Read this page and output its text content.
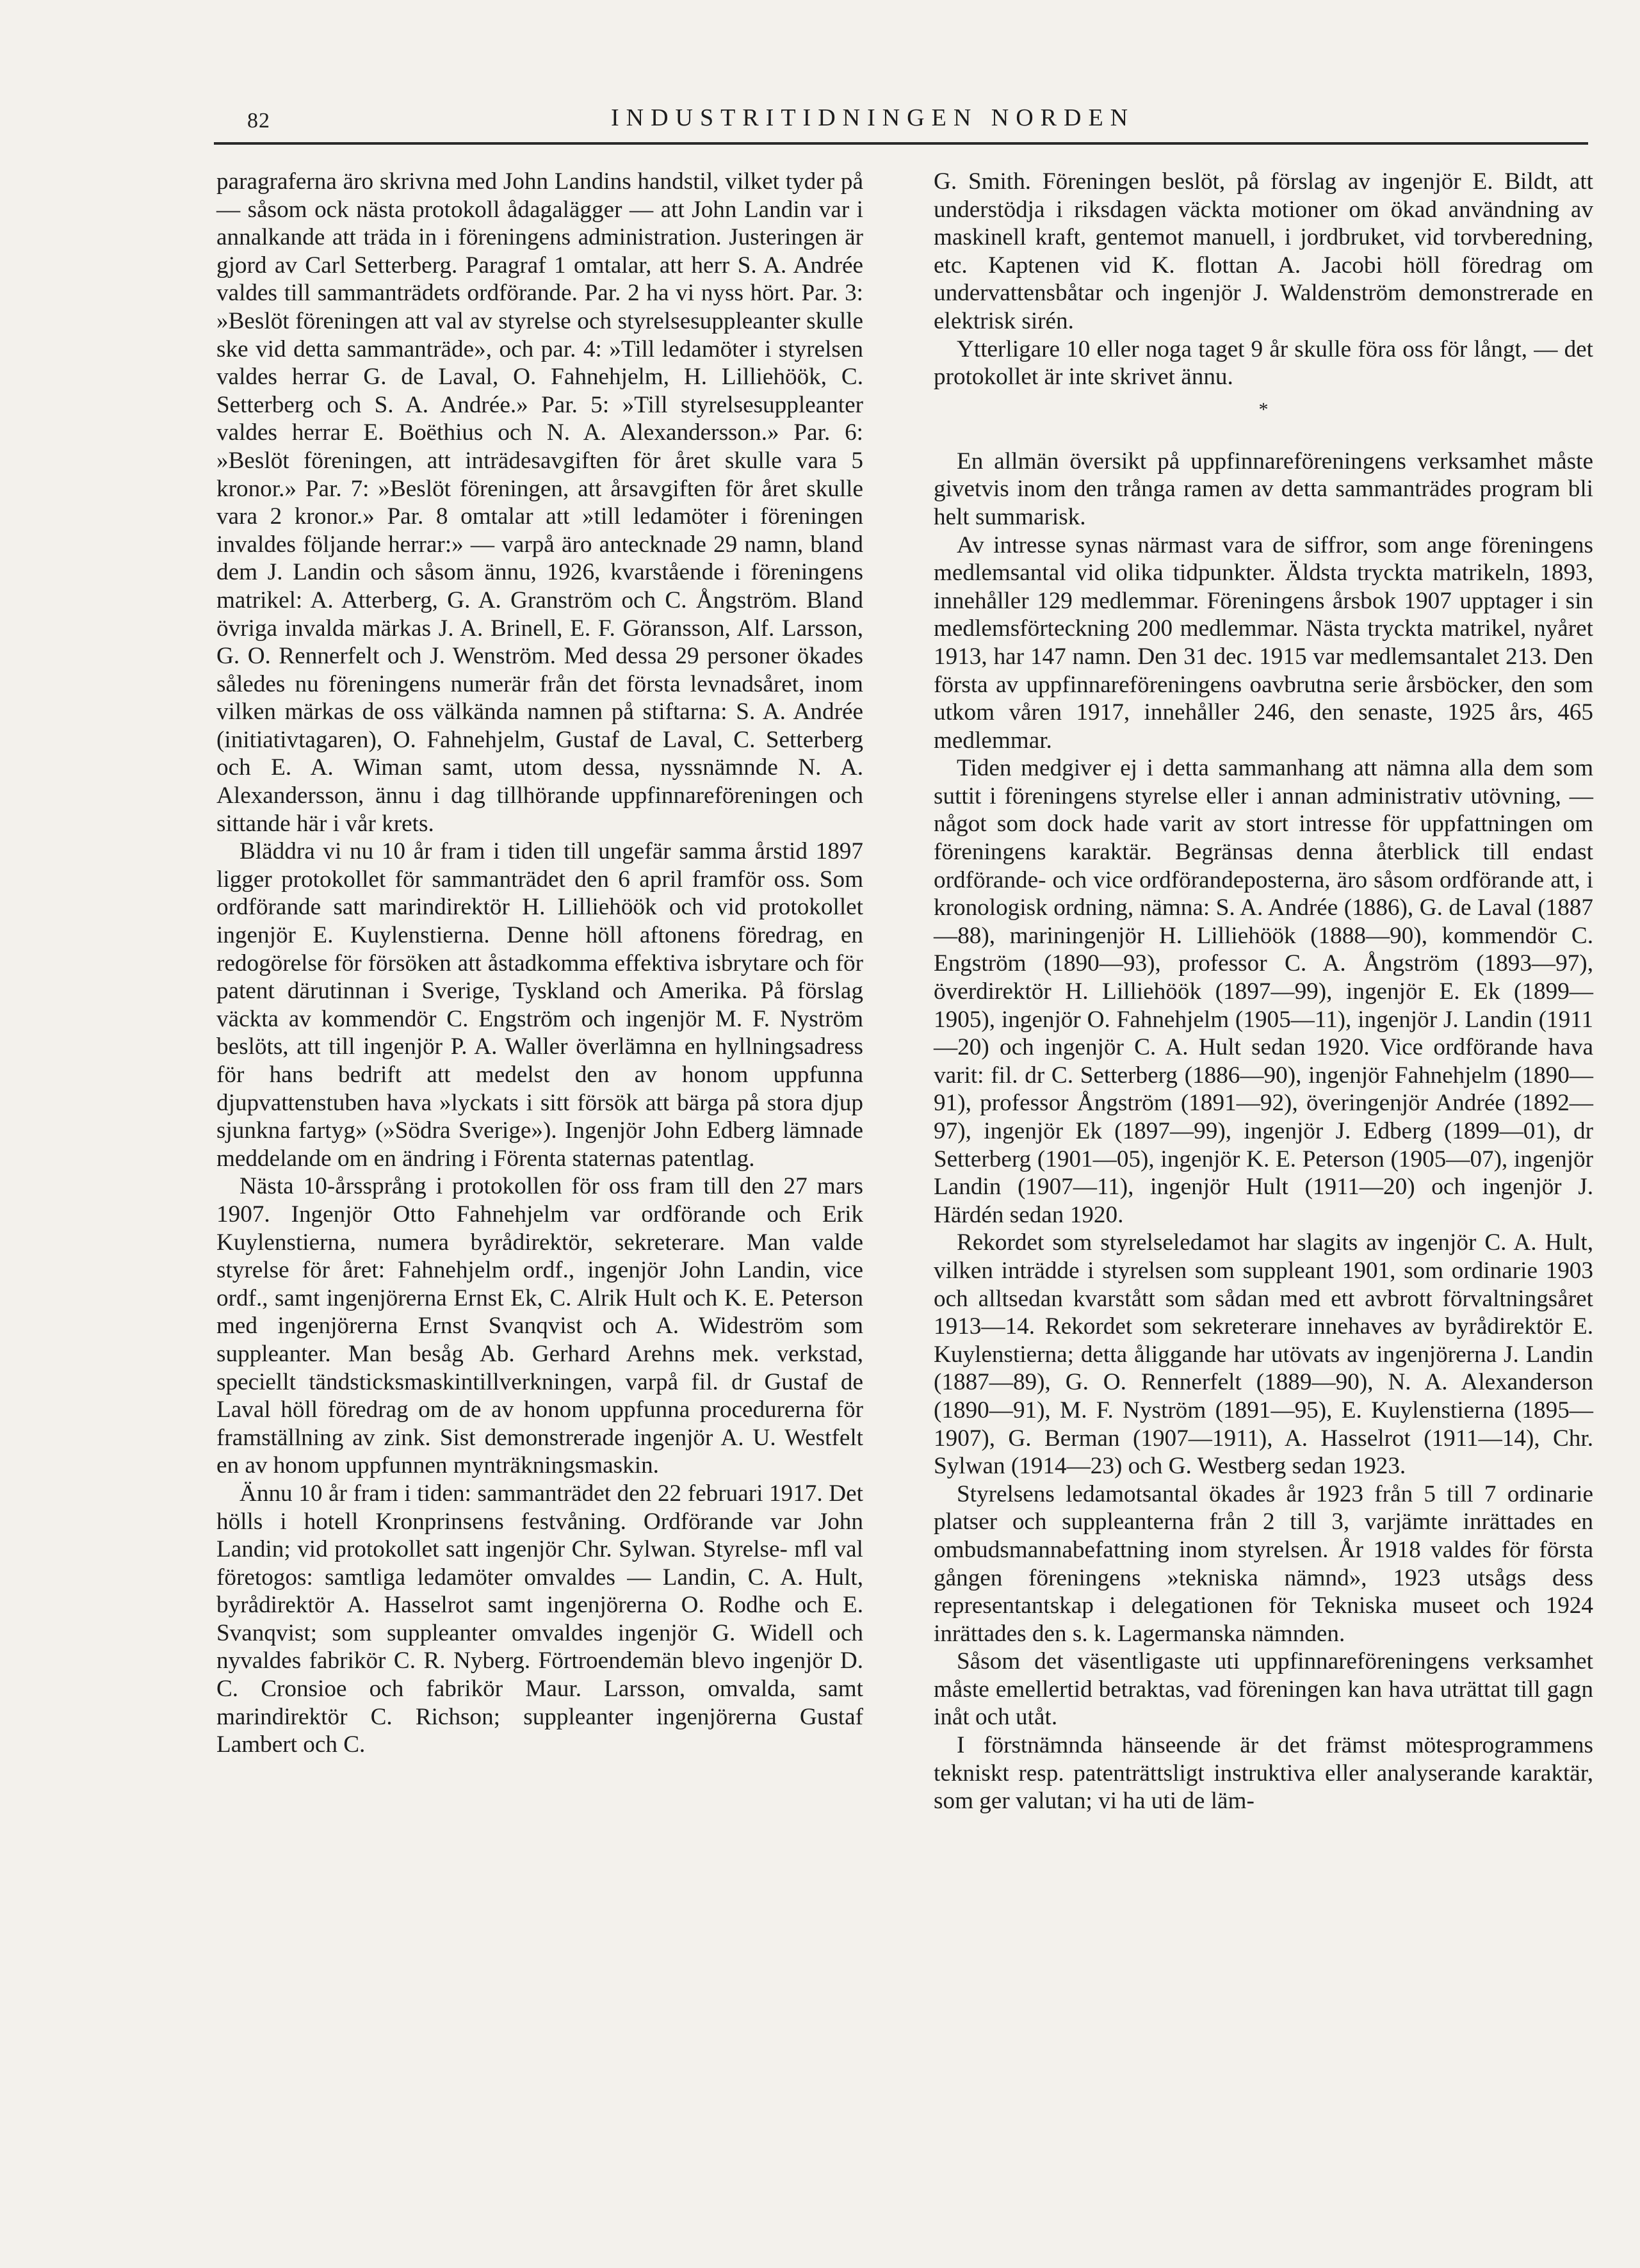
82	INDUSTRITIDNINGEN NORDEN

paragraferna äro skrivna med John Landins handstil, vilket tyder på — såsom ock nästa protokoll ådagalägger — att John Landin var i annalkande att träda in i föreningens administration. Justeringen är gjord av Carl Setterberg. Paragraf 1 omtalar, att herr S. A. Andrée valdes till sammanträdets ordförande. Par. 2 ha vi nyss hört. Par. 3: »Beslöt föreningen att val av styrelse och styrelsesuppleanter skulle ske vid detta sammanträde», och par. 4: »Till ledamöter i styrelsen valdes herrar G. de Laval, O. Fahnehjelm, H. Lilliehöök, C. Setterberg och S. A. Andrée.» Par. 5: »Till styrelsesuppleanter valdes herrar E. Boëthius och N. A. Alexandersson.» Par. 6: »Beslöt föreningen, att inträdesavgiften för året skulle vara 5 kronor.» Par. 7: »Beslöt föreningen, att årsavgiften för året skulle vara 2 kronor.» Par. 8 omtalar att »till ledamöter i föreningen invaldes följande herrar:» — varpå äro antecknade 29 namn, bland dem J. Landin och såsom ännu, 1926, kvarstående i föreningens matrikel: A. Atterberg, G. A. Granström och C. Ångström. Bland övriga invalda märkas J. A. Brinell, E. F. Göransson, Alf. Larsson, G. O. Rennerfelt och J. Wenström. Med dessa 29 personer ökades således nu föreningens numerär från det första levnadsåret, inom vilken märkas de oss välkända namnen på stiftarna: S. A. Andrée (initiativtagaren), O. Fahnehjelm, Gustaf de Laval, C. Setterberg och E. A. Wiman samt, utom dessa, nyssnämnde N. A. Alexandersson, ännu i dag tillhörande uppfinnareföreningen och sittande här i vår krets.

Bläddra vi nu 10 år fram i tiden till ungefär samma årstid 1897 ligger protokollet för sammanträdet den 6 april framför oss. Som ordförande satt marindirektör H. Lilliehöök och vid protokollet ingenjör E. Kuylenstierna. Denne höll aftonens föredrag, en redogörelse för försöken att åstadkomma effektiva isbrytare och för patent därutinnan i Sverige, Tyskland och Amerika. På förslag väckta av kommendör C. Engström och ingenjör M. F. Nyström beslöts, att till ingenjör P. A. Waller överlämna en hyllningsadress för hans bedrift att medelst den av honom uppfunna djupvattenstuben hava »lyckats i sitt försök att bärga på stora djup sjunkna fartyg» (»Södra Sverige»). Ingenjör John Edberg lämnade meddelande om en ändring i Förenta staternas patentlag.

Nästa 10-årssprång i protokollen för oss fram till den 27 mars 1907. Ingenjör Otto Fahnehjelm var ordförande och Erik Kuylenstierna, numera byrådirektör, sekreterare. Man valde styrelse för året: Fahnehjelm ordf., ingenjör John Landin, vice ordf., samt ingenjörerna Ernst Ek, C. Alrik Hult och K. E. Peterson med ingenjörerna Ernst Svanqvist och A. Wideström som suppleanter. Man besåg Ab. Gerhard Arehns mek. verkstad, speciellt tändsticksmaskintillverkningen, varpå fil. dr Gustaf de Laval höll föredrag om de av honom uppfunna procedurerna för framställning av zink. Sist demonstrerade ingenjör A. U. Westfelt en av honom uppfunnen mynträkningsmaskin.

Ännu 10 år fram i tiden: sammanträdet den 22 februari 1917. Det hölls i hotell Kronprinsens festvåning. Ordförande var John Landin; vid protokollet satt ingenjör Chr. Sylwan. Styrelse- mfl val företogos: samtliga ledamöter omvaldes — Landin, C. A. Hult, byrådirektör A. Hasselrot samt ingenjörerna O. Rodhe och E. Svanqvist; som suppleanter omvaldes ingenjör G. Widell och nyvaldes fabrikör C. R. Nyberg. Förtroendemän blevo ingenjör D. C. Cronsioe och fabrikör Maur. Larsson, omvalda, samt marindirektör C. Richson; suppleanter ingenjörerna Gustaf Lambert och C.

G. Smith. Föreningen beslöt, på förslag av ingenjör E. Bildt, att understödja i riksdagen väckta motioner om ökad användning av maskinell kraft, gentemot manuell, i jordbruket, vid torvberedning, etc. Kaptenen vid K. flottan A. Jacobi höll föredrag om undervattensbåtar och ingenjör J. Waldenström demonstrerade en elektrisk sirén.

Ytterligare 10 eller noga taget 9 år skulle föra oss för långt, — det protokollet är inte skrivet ännu.

*

En allmän översikt på uppfinnareföreningens verksamhet måste givetvis inom den trånga ramen av detta sammanträdes program bli helt summarisk.

Av intresse synas närmast vara de siffror, som ange föreningens medlemsantal vid olika tidpunkter. Äldsta tryckta matrikeln, 1893, innehåller 129 medlemmar. Föreningens årsbok 1907 upptager i sin medlemsförteckning 200 medlemmar. Nästa tryckta matrikel, nyåret 1913, har 147 namn. Den 31 dec. 1915 var medlemsantalet 213. Den första av uppfinnareföreningens oavbrutna serie årsböcker, den som utkom våren 1917, innehåller 246, den senaste, 1925 års, 465 medlemmar.

Tiden medgiver ej i detta sammanhang att nämna alla dem som suttit i föreningens styrelse eller i annan administrativ utövning, — något som dock hade varit av stort intresse för uppfattningen om föreningens karaktär. Begränsas denna återblick till endast ordförande- och vice ordförandeposterna, äro såsom ordförande att, i kronologisk ordning, nämna: S. A. Andrée (1886), G. de Laval (1887—88), mariningenjör H. Lilliehöök (1888—90), kommendör C. Engström (1890—93), professor C. A. Ångström (1893—97), överdirektör H. Lilliehöök (1897—99), ingenjör E. Ek (1899—1905), ingenjör O. Fahnehjelm (1905—11), ingenjör J. Landin (1911—20) och ingenjör C. A. Hult sedan 1920. Vice ordförande hava varit: fil. dr C. Setterberg (1886—90), ingenjör Fahnehjelm (1890—91), professor Ångström (1891—92), överingenjör Andrée (1892—97), ingenjör Ek (1897—99), ingenjör J. Edberg (1899—01), dr Setterberg (1901—05), ingenjör K. E. Peterson (1905—07), ingenjör Landin (1907—11), ingenjör Hult (1911—20) och ingenjör J. Härdén sedan 1920.

Rekordet som styrelseledamot har slagits av ingenjör C. A. Hult, vilken inträdde i styrelsen som suppleant 1901, som ordinarie 1903 och alltsedan kvarstått som sådan med ett avbrott förvaltningsåret 1913—14. Rekordet som sekreterare innehaves av byrådirektör E. Kuylenstierna; detta åliggande har utövats av ingenjörerna J. Landin (1887—89), G. O. Rennerfelt (1889—90), N. A. Alexanderson (1890—91), M. F. Nyström (1891—95), E. Kuylenstierna (1895—1907), G. Berman (1907—1911), A. Hasselrot (1911—14), Chr. Sylwan (1914—23) och G. Westberg sedan 1923.

Styrelsens ledamotsantal ökades år 1923 från 5 till 7 ordinarie platser och suppleanterna från 2 till 3, varjämte inrättades en ombudsmannabefattning inom styrelsen. År 1918 valdes för första gången föreningens »tekniska nämnd», 1923 utsågs dess representantskap i delegationen för Tekniska museet och 1924 inrättades den s. k. Lagermanska nämnden.

Såsom det väsentligaste uti uppfinnareföreningens verksamhet måste emellertid betraktas, vad föreningen kan hava uträttat till gagn inåt och utåt.

I förstnämnda hänseende är det främst mötesprogrammens tekniskt resp. patenträttsligt instruktiva eller analyserande karaktär, som ger valutan; vi ha uti de läm-
